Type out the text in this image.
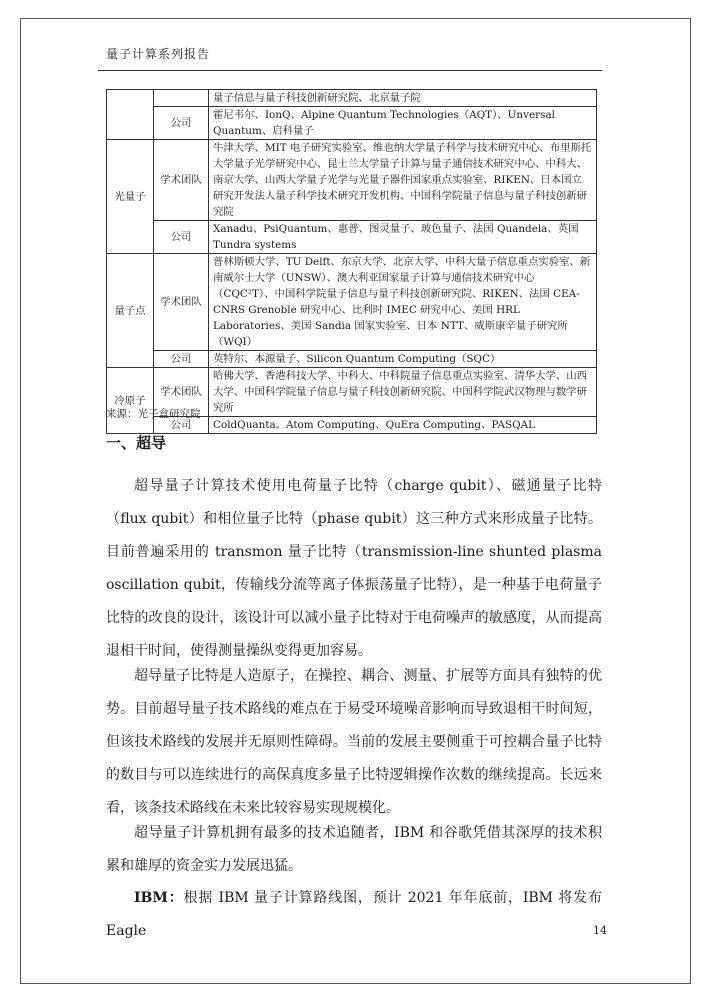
量子计算系列报告
		量子信息与量子科技创新研究院、北京量子院
	公司	霍尼韦尔、IonQ、Alpine Quantum Technologies（AQT）、Unversal Quantum、启科量子
光量子	学术团队	牛津大学、MIT 电子研究实验室、维也纳大学量子科学与技术研究中心、布里斯托大学量子光学研究中心、昆士兰大学量子计算与量子通信技术研究中心、中科大、南京大学、山西大学量子光学与光量子器件国家重点实验室、RIKEN、日本国立研究开发法人量子科学技术研究开发机构、中国科学院量子信息与量子科技创新研究院
	公司	Xanadu、PsiQuantum、惠普、图灵量子、玻色量子、法国 Quandela、英国 Tundra systems
量子点	学术团队	普林斯顿大学、TU Delft、东京大学、北京大学、中科大量子信息重点实验室、新南威尔士大学（UNSW）、澳大利亚国家量子计算与通信技术研究中心（CQC²T）、中国科学院量子信息与量子科技创新研究院、RIKEN、法国 CEA-CNRS Grenoble 研究中心、比利时 IMEC 研究中心、美国 HRL Laboratories、美国 Sandia 国家实验室、日本 NTT、威斯康辛量子研究所（WQI）
	公司	英特尔、本源量子、Silicon Quantum Computing（SQC）
冷原子	学术团队	哈佛大学、香港科技大学、中科大、中科院量子信息重点实验室、清华大学、山西大学、中国科学院量子信息与量子科技创新研究院、中国科学院武汉物理与数学研究所
	公司	ColdQuanta、Atom Computing、QuEra Computing、PASQAL
来源：光子盒研究院
一、超导

超导量子计算技术使用电荷量子比特（charge qubit）、磁通量子比特（flux qubit）和相位量子比特（phase qubit）这三种方式来形成量子比特。目前普遍采用的 transmon 量子比特（transmission-line shunted plasma oscillation qubit，传输线分流等离子体振荡量子比特），是一种基于电荷量子比特的改良的设计，该设计可以减小量子比特对于电荷噪声的敏感度，从而提高退相干时间，使得测量操纵变得更加容易。

超导量子比特是人造原子，在操控、耦合、测量、扩展等方面具有独特的优势。目前超导量子技术路线的难点在于易受环境噪音影响而导致退相干时间短，但该技术路线的发展并无原则性障碍。当前的发展主要侧重于可控耦合量子比特的数目与可以连续进行的高保真度多量子比特逻辑操作次数的继续提高。长远来看，该条技术路线在未来比较容易实现规模化。

超导量子计算机拥有最多的技术追随者，IBM 和谷歌凭借其深厚的技术积累和雄厚的资金实力发展迅猛。

IBM：根据 IBM 量子计算路线图，预计 2021 年年底前，IBM 将发布 Eagle	14
